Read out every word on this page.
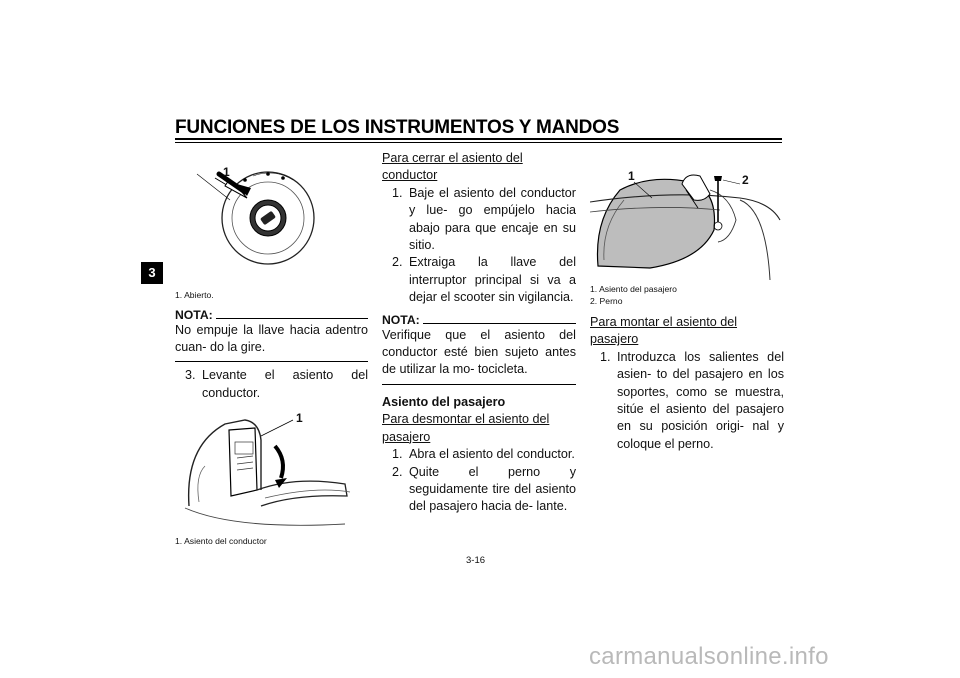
FUNCIONES DE LOS INSTRUMENTOS Y MANDOS
3
1
1. Abierto.
NOTA:
No empuje la llave hacia adentro cuan- do la gire.
3. Levante el asiento del conductor.
1
1. Asiento del conductor
Para cerrar el asiento del conductor
1. Baje el asiento del conductor y lue- go empújelo hacia abajo para que encaje en su sitio.
2. Extraiga la llave del interruptor principal si va a dejar el scooter sin vigilancia.
NOTA:
Verifique que el asiento del conductor esté bien sujeto antes de utilizar la mo- tocicleta.
Asiento del pasajero
Para desmontar el asiento del pasajero
1. Abra el asiento del conductor.
2. Quite el perno y seguidamente tire del asiento del pasajero hacia de- lante.
1	2
1. Asiento del pasajero
2. Perno
Para montar el asiento del pasajero
1. Introduzca los salientes del asien- to del pasajero en los soportes, como se muestra, sitúe el asiento del pasajero en su posición origi- nal y coloque el perno.
3-16
carmanualsonline.info
